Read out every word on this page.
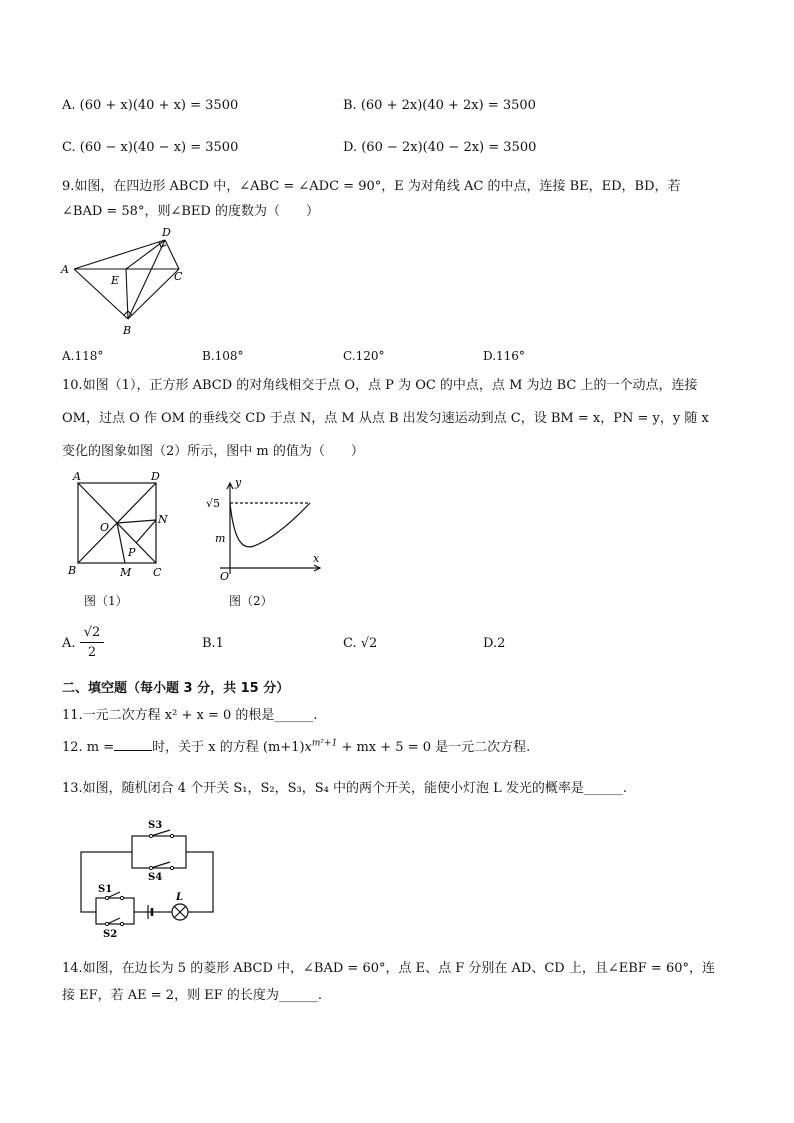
A. (60 + x)(40 + x) = 3500	B. (60 + 2x)(40 + 2x) = 3500
C. (60 − x)(40 − x) = 3500	D. (60 − 2x)(40 − 2x) = 3500
9.如图，在四边形 ABCD 中，∠ABC = ∠ADC = 90°，E 为对角线 AC 的中点，连接 BE，ED，BD，若
∠BAD = 58°，则∠BED 的度数为（　　）
A
D
C
E
B
A.118°	B.108°	C.120°	D.116°
10.如图（1），正方形 ABCD 的对角线相交于点 O，点 P 为 OC 的中点，点 M 为边 BC 上的一个动点，连接
OM，过点 O 作 OM 的垂线交 CD 于点 N，点 M 从点 B 出发匀速运动到点 C，设 BM = x，PN = y，y 随 x
变化的图象如图（2）所示，图中 m 的值为（　　）
A	D
B	C
O
N
P
M
√5
m
y
x
O
图（1）	图（2）
A. $\frac{√2}{2}$	B.1	C. √2	D.2
二、填空题（每小题 3 分，共 15 分）
11.一元二次方程 x² + x = 0 的根是______.
12. m =	时，关于 x 的方程 $(m+1)x^{m^2+1}$ + mx + 5 = 0 是一元二次方程.
13.如图，随机闭合 4 个开关 S₁，S₂，S₃，S₄ 中的两个开关，能使小灯泡 L 发光的概率是______.
S3
S4
S1
S2
L
14.如图，在边长为 5 的菱形 ABCD 中，∠BAD = 60°，点 E、点 F 分别在 AD、CD 上，且∠EBF = 60°，连
接 EF，若 AE = 2，则 EF 的长度为______.
